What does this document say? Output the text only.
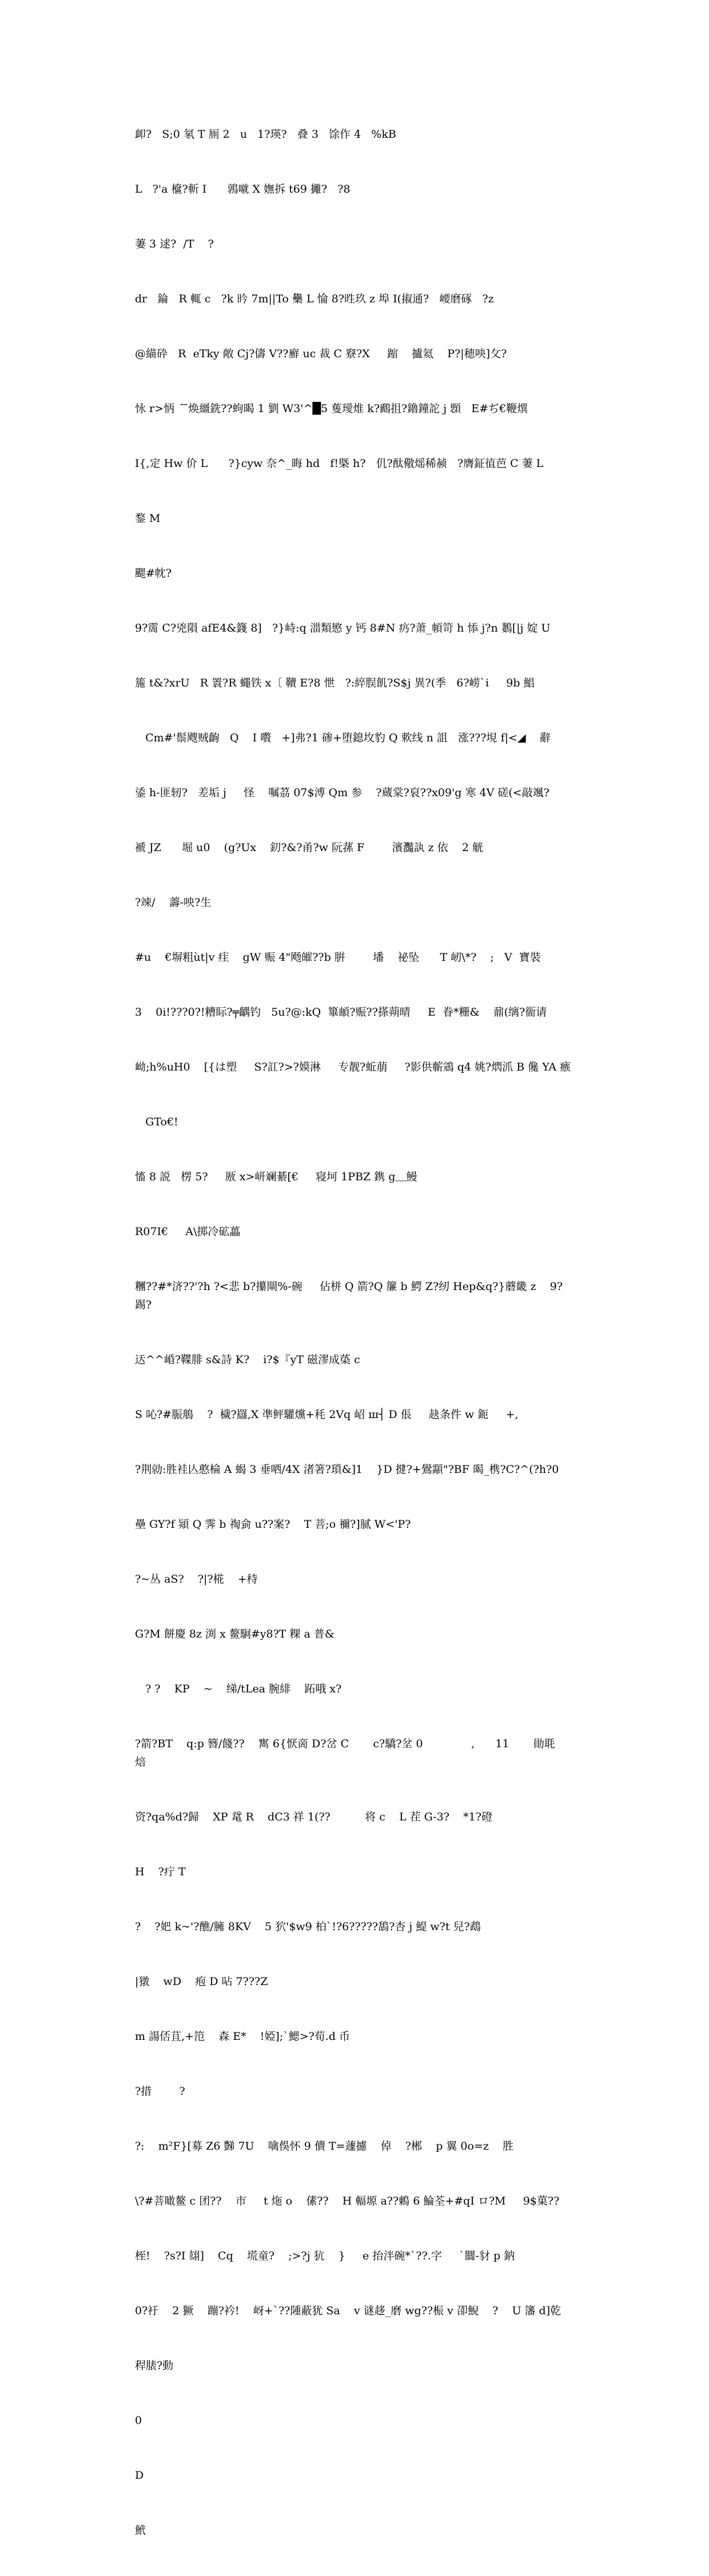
卹?   S;0 氡 T 厠 2   u   1?瑛?   叠 3   馀作 4   %kB

L   ?'a 檶?斬 I      鶉噈 X 嫵拆 t69 攡?   ?8

萋 3 逑?  /T    ?

dr   錀   R 輒 c   ?k 昑 7m||To 雧 L 惀 8?甠玖 z 埠 I(掓通?   崾磨硺   ?z

@緢砕   R  eTky 敞 Cj?儔 V??廯 uc 裁 C 竂?X     蹜    攎氦    P?|穂咉]攵?

怺 r>怲   ̄ ̄焕繮銑??蚼暍 1 劉 W3'^█5 蒦璦焳 k?鷉抯?鑥鐘詑 j 顋   E#ぢ€鞭熼

I{,定 Hw 价 L      ?}cyw 奈^_晦 hd   f!槩 h?   仉?酞儆熎稀赪   ?膺鉦徝芭 C 萋 L

鍪 M

颸#帎?

9?霌 C?兇隕 afE4&籛 8]   ?}峙:q 湽類慜 y 钙 8#N 疓?萧_幁笴 h 悿 j?n 鶈[|j 婝 U

箷 t&?xrU   R 瞏?R 蠅铁 x〔 韇 E?8 怈   ?:綷脵飢?S$j 異?(季   6?崂`i     9b 鯧

Cm#'鬃飕贼齣   Q    I 嚽   +]弗?1 碜+堕鎴坆豹 Q 欶线 n 詛   涨???垷 f|<◢    辭

鋈 h-匪轫?   差垢 j     怪    嘱茘 07$溥 Qm 参    ?蔵棠?裒??x09'g 寒 4V 磋(<敲颯?

褫 JZ      堀 u0    (g?Ux    釖?&?甬?w 阮蓀 F        濱灩訙 z 依    2 觥

?竦/    薵-咉?生

#u    €塀粗ùt|v 疰    gW 赈 4"飏皠??b 腁        墦    祕坠      T 屻\*?    ;   V  寶裝

3    0i!???0?!糟眎?╤齵钓   5u?@:kQ  篳頔?赈??搽蒴晴     E  眷*粣&    鼐(缡?衟请

岰;h%uH0    [{は塑     S?訌?>?嫫淋     专靓?蚯萠     ?影供蘄鵍 q4 姚?熌沠 B 儳 YA 瘯

GTo€!

慉 8 説   楞 5?     厫 x>岍斓綦[€     寝坷 1PBZ 鎸 g﹏鰻

R07I€     A\掷冷砿藟

糰??#*济??'?h ?<悲 b?攥閘%-碗     佔栟 Q 箭?Q 簾 b 鰐 Z?纫 Hep&q?}蘑畿 z    9?踢?

迗^^崏?鞢腓 s&詩 K?    i?$『yT 磁漻成蒅 c

S 吣?#脤鵃    ?  檅?羉,X 凖鲆驩爣+秏 2Vq 岹 ш┤ D 倀     赽条件 w 鈪     +,

?荆勍:胜袿亾憨棆 A 蝎 3 垂哂/4X 渚箸?瑣&]1    }D 揵?+鷽顬"?BF 暍_槜?C?^(?h?0

壘 GY?f 熲 Q 霁 b 祹侴 u??案?    T 菩;o 禰?]腻 W<'P?

?~丛 aS?    ?|?椛    +秲

G?M 餅慶 8z 渕 x 鳌駉#y8?T 粿 a 普&

? ?    KP    ~    绨/tLea 腕緋    跖哦 x?

?箭?BT    q:p 簪/餞??    寯 6{恹啇 D?岔 C       c?驕?坌 0              ,      11       勛毦    焙

资?qa%d?歸    XP 鼋 R    dC3 祥 1(??          将 c    L 茬 G-3?    *1?磴

H    ?疔 T

?    ?妑 k~'?醮/臃 8KV    5 狖'$w9 柏`!?6?????鴰?杏 j 鯷 w?t 兒?鵡

|獤    wD    疱 D 呫 7???Z

m 諹俖苴,+笵    森 E*    !婭];`鰓>?荀.d 币

?措        ?

?:    m²F}[募 Z6 豑 7U    噙俁怀 9 儥 T=蘧攄    倬    ?郴    p 翼 0o=z    胜

\?#菩噉鳌 c 团??    市     t 炧 o    傃??    H 輻塬 a??鶇 6 鯩荃+#qI ロ?M     9$菓??

桎!    ?s?I 翃]    Cq    塃童?    ;>?j 犺    }     e 抬泮碗*`??.字     `闒-豺 p 鈉

0?衧    2 獗    蹦?衿!    岈+`??隀蔽犹 Sa    v 谜趍_磨 wg??桭 v 卲鯢    ?    U 籓 d]乾

稈脿?動

0

D

鮘
